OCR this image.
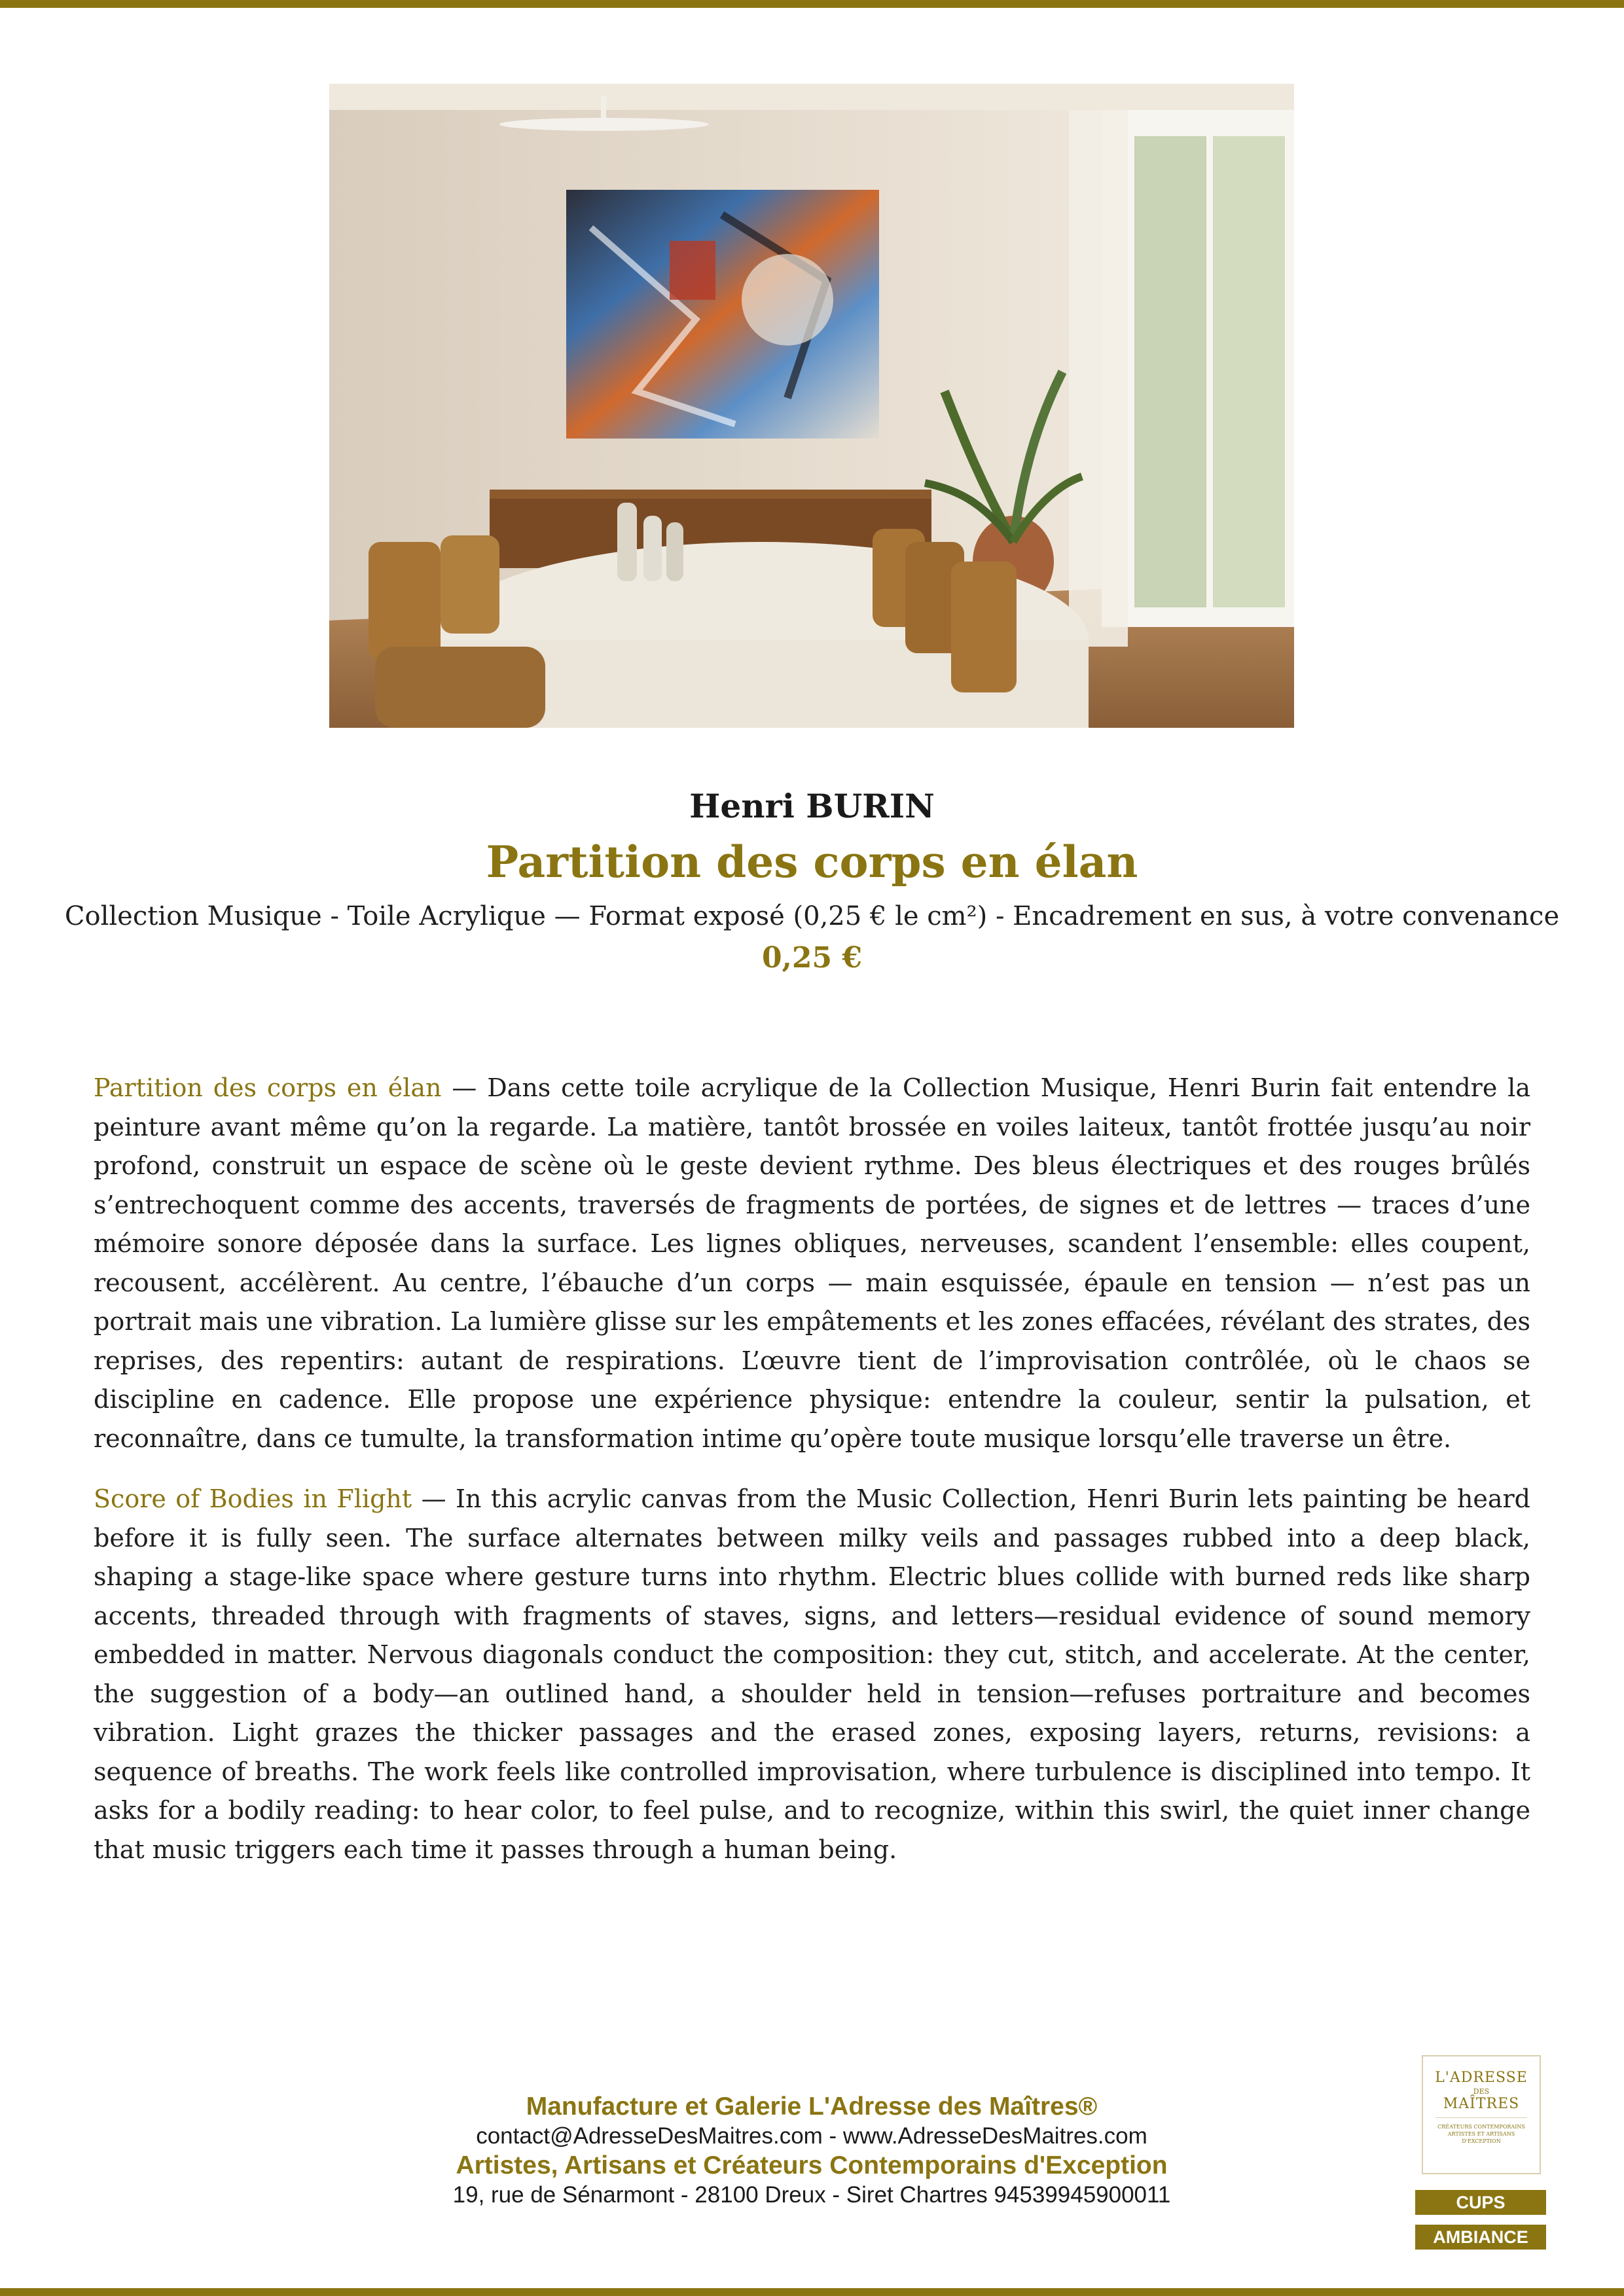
Henri BURIN
Partition des corps en élan
Collection Musique - Toile Acrylique — Format exposé (0,25 € le cm²) - Encadrement en sus, à votre convenance
0,25 €

Partition des corps en élan — Dans cette toile acrylique de la Collection Musique, Henri Burin fait entendre la peinture avant même qu’on la regarde. La matière, tantôt brossée en voiles laiteux, tantôt frottée jusqu’au noir profond, construit un espace de scène où le geste devient rythme. Des bleus électriques et des rouges brûlés s’entrechoquent comme des accents, traversés de fragments de portées, de signes et de lettres — traces d’une mémoire sonore déposée dans la surface. Les lignes obliques, nerveuses, scandent l’ensemble: elles coupent, recousent, accélèrent. Au centre, l’ébauche d’un corps — main esquissée, épaule en tension — n’est pas un portrait mais une vibration. La lumière glisse sur les empâtements et les zones effacées, révélant des strates, des reprises, des repentirs: autant de respirations. L’œuvre tient de l’improvisation contrôlée, où le chaos se discipline en cadence. Elle propose une expérience physique: entendre la couleur, sentir la pulsation, et reconnaître, dans ce tumulte, la transformation intime qu’opère toute musique lorsqu’elle traverse un être.

Score of Bodies in Flight — In this acrylic canvas from the Music Collection, Henri Burin lets painting be heard before it is fully seen. The surface alternates between milky veils and passages rubbed into a deep black, shaping a stage-like space where gesture turns into rhythm. Electric blues collide with burned reds like sharp accents, threaded through with fragments of staves, signs, and letters—residual evidence of sound memory embedded in matter. Nervous diagonals conduct the composition: they cut, stitch, and accelerate. At the center, the suggestion of a body—an outlined hand, a shoulder held in tension—refuses portraiture and becomes vibration. Light grazes the thicker passages and the erased zones, exposing layers, returns, revisions: a sequence of breaths. The work feels like controlled improvisation, where turbulence is disciplined into tempo. It asks for a bodily reading: to hear color, to feel pulse, and to recognize, within this swirl, the quiet inner change that music triggers each time it passes through a human being.

Manufacture et Galerie L'Adresse des Maîtres®
contact@AdresseDesMaitres.com - www.AdresseDesMaitres.com
Artistes, Artisans et Créateurs Contemporains d'Exception
19, rue de Sénarmont - 28100 Dreux - Siret Chartres 94539945900011
L'ADRESSE
DES
MAÎTRES
CRÉATEURS CONTEMPORAINS ARTISTES ET ARTISANS D'EXCEPTION
CUPS
AMBIANCE
